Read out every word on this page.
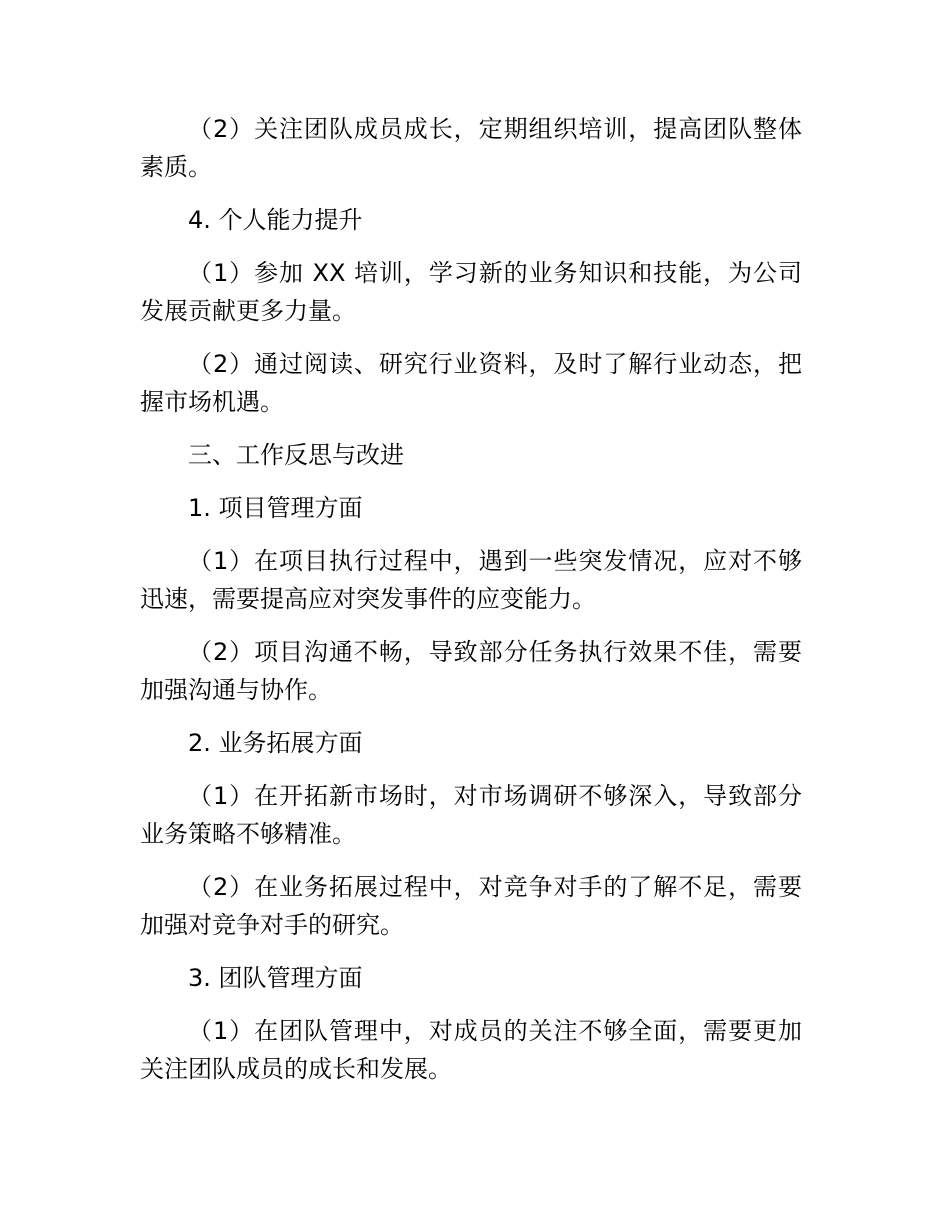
（2）关注团队成员成长，定期组织培训，提高团队整体素质。

4. 个人能力提升

（1）参加 XX 培训，学习新的业务知识和技能，为公司发展贡献更多力量。

（2）通过阅读、研究行业资料，及时了解行业动态，把握市场机遇。

三、工作反思与改进

1. 项目管理方面

（1）在项目执行过程中，遇到一些突发情况，应对不够迅速，需要提高应对突发事件的应变能力。

（2）项目沟通不畅，导致部分任务执行效果不佳，需要加强沟通与协作。

2. 业务拓展方面

（1）在开拓新市场时，对市场调研不够深入，导致部分业务策略不够精准。

（2）在业务拓展过程中，对竞争对手的了解不足，需要加强对竞争对手的研究。

3. 团队管理方面

（1）在团队管理中，对成员的关注不够全面，需要更加关注团队成员的成长和发展。
